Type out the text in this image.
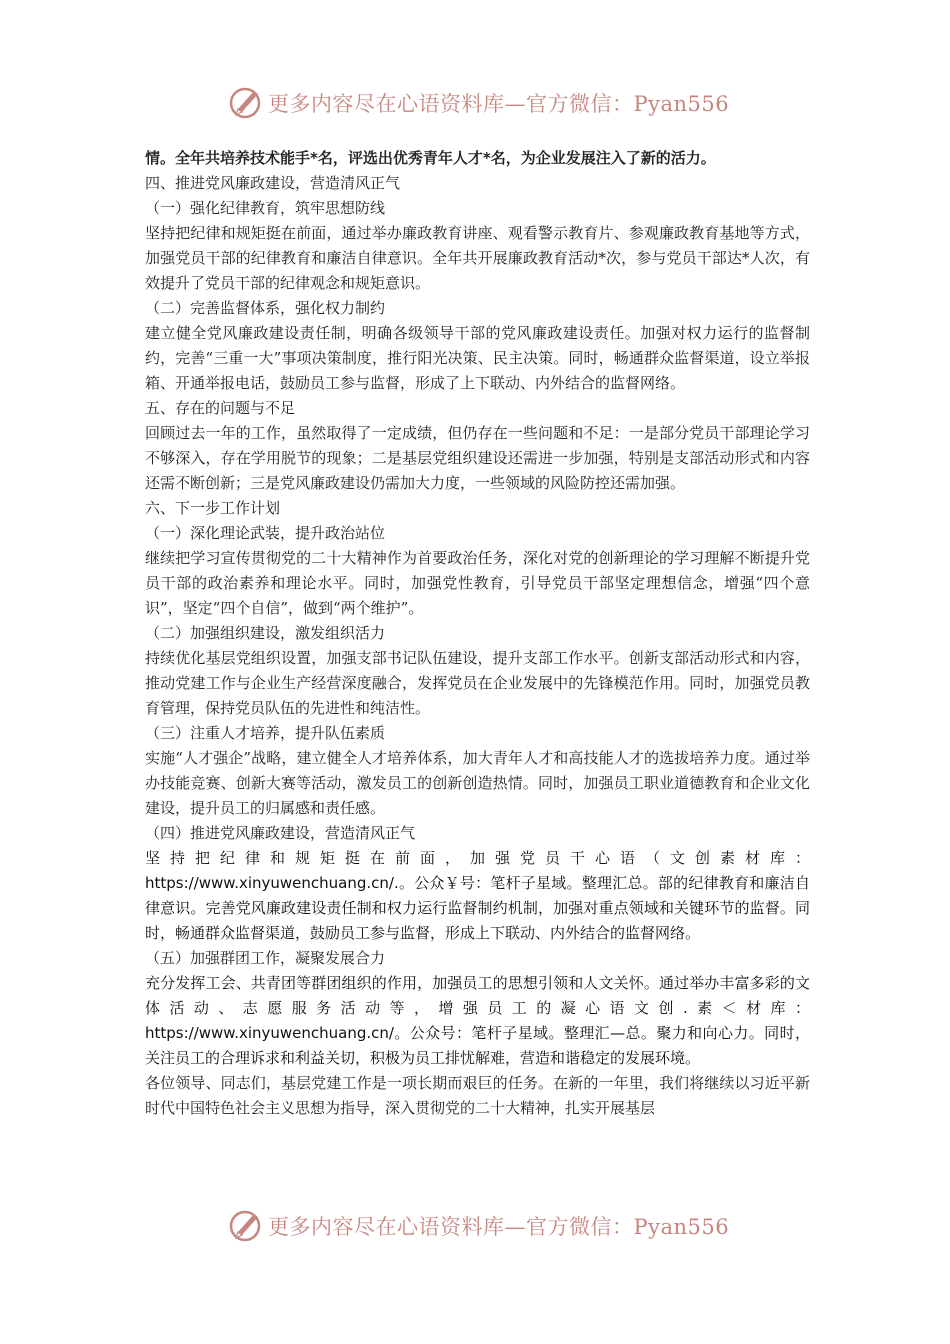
更多内容尽在心语资料库—官方微信：Pyan556

情。全年共培养技术能手*名，评选出优秀青年人才*名，为企业发展注入了新的活力。

四、推进党风廉政建设，营造清风正气

（一）强化纪律教育，筑牢思想防线

坚持把纪律和规矩挺在前面，通过举办廉政教育讲座、观看警示教育片、参观廉政教育基地等方式，加强党员干部的纪律教育和廉洁自律意识。全年共开展廉政教育活动*次，参与党员干部达*人次，有效提升了党员干部的纪律观念和规矩意识。

（二）完善监督体系，强化权力制约

建立健全党风廉政建设责任制，明确各级领导干部的党风廉政建设责任。加强对权力运行的监督制约，完善“三重一大”事项决策制度，推行阳光决策、民主决策。同时，畅通群众监督渠道，设立举报箱、开通举报电话，鼓励员工参与监督，形成了上下联动、内外结合的监督网络。

五、存在的问题与不足

回顾过去一年的工作，虽然取得了一定成绩，但仍存在一些问题和不足：一是部分党员干部理论学习不够深入，存在学用脱节的现象；二是基层党组织建设还需进一步加强，特别是支部活动形式和内容还需不断创新；三是党风廉政建设仍需加大力度，一些领域的风险防控还需加强。

六、下一步工作计划

（一）深化理论武装，提升政治站位

继续把学习宣传贯彻党的二十大精神作为首要政治任务，深化对党的创新理论的学习理解不断提升党员干部的政治素养和理论水平。同时，加强党性教育，引导党员干部坚定理想信念，增强“四个意识”，坚定“四个自信”，做到“两个维护”。

（二）加强组织建设，激发组织活力

持续优化基层党组织设置，加强支部书记队伍建设，提升支部工作水平。创新支部活动形式和内容，推动党建工作与企业生产经营深度融合，发挥党员在企业发展中的先锋模范作用。同时，加强党员教育管理，保持党员队伍的先进性和纯洁性。

（三）注重人才培养，提升队伍素质

实施“人才强企”战略，建立健全人才培养体系，加大青年人才和高技能人才的选拔培养力度。通过举办技能竞赛、创新大赛等活动，激发员工的创新创造热情。同时，加强员工职业道德教育和企业文化建设，提升员工的归属感和责任感。

（四）推进党风廉政建设，营造清风正气

坚持把纪律和规矩挺在前面，加强党员干心语（文创素材库：https://www.xinyuwenchuang.cn/.。公众￥号：笔杆子星域。整理汇总。部的纪律教育和廉洁自律意识。完善党风廉政建设责任制和权力运行监督制约机制，加强对重点领域和关键环节的监督。同时，畅通群众监督渠道，鼓励员工参与监督，形成上下联动、内外结合的监督网络。

（五）加强群团工作，凝聚发展合力

充分发挥工会、共青团等群团组织的作用，加强员工的思想引领和人文关怀。通过举办丰富多彩的文体活动、志愿服务活动等，增强员工的凝心语文创.素＜材库：https://www.xinyuwenchuang.cn/。公众号：笔杆子星域。整理汇—总。聚力和向心力。同时，关注员工的合理诉求和利益关切，积极为员工排忧解难，营造和谐稳定的发展环境。

各位领导、同志们，基层党建工作是一项长期而艰巨的任务。在新的一年里，我们将继续以习近平新时代中国特色社会主义思想为指导，深入贯彻党的二十大精神，扎实开展基层

更多内容尽在心语资料库—官方微信：Pyan556
